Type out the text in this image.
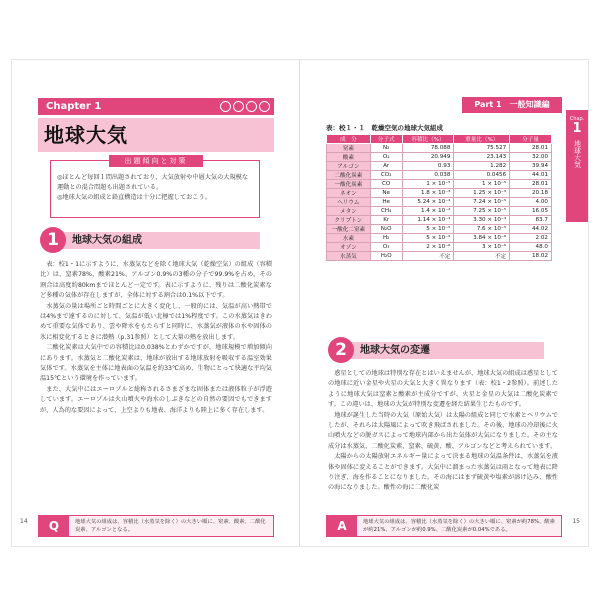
Chapter 1
地球大気
出題傾向と対策
◎ほとんど毎回１問出題されており、大気放射や中層大気の大規模な運動との混合問題も出題されている。
◎地球大気の組成と鉛直構造は十分に把握しておこう。
1	地球大気の組成

表：校1・1に示すように、水蒸気などを除く地球大気（乾燥空気）の組成（容積比）は、窒素78%、酸素21%、アルゴン0.9%の3種の分子で99.9%を占め、その割合は高度約80kmまでほとんど一定です。表に示すように、残りは二酸化炭素など多種の気体が存在しますが、全体に対する割合は0.1%以下です。

水蒸気の量は場所ごと時間ごとに大きく変化し、一般的には、気温が高い熱帯では4%まで達するのに対して、気温が低い北極では1%程度です。この水蒸気はきわめて重要な気体であり、雲や降水をもたらすと同時に、水蒸気が液体の水や固体の氷に相変化するときに潜熱（p.31参照）として大量の熱を放出します。

二酸化炭素は大気中での容積比は0.038%とわずかですが、地球規模で増加傾向にあります。水蒸気と二酸化炭素は、地球が放出する地球放射を吸収する温室効果気体です。水蒸気を主体に地表面の気温を約33℃高め、生物にとって快適な平均気温15℃という環境を作っています。

また、大気中にはエーロゾルと総称されるさまざまな固体または液体粒子が浮遊しています。エーロゾルは火山噴火や海水のしぶきなどの自然の要因でもできますが、人為的な要因によって、上空よりも地表、海洋よりも陸上に多く存在します。

14	Q	地球大気の組成は、容積比（水蒸気を除く）の大きい順に、窒素、酸素、二酸化炭素、アルゴンとなる。
Part 1　一般知識編
Chap.
1
地球大気
表：校１・１　乾燥空気の地球大気組成
成　分	分子式	容積比（%）	重量比（%）	分子量
窒素	N₂	78.088	75.527	28.01
酸素	O₂	20.949	23.143	32.00
アルゴン	Ar	0.93	1.282	39.94
二酸化炭素	CO₂	0.038	0.0456	44.01
一酸化炭素	CO	1 × 10⁻⁵	1 × 10⁻⁵	28.01
ネオン	Ne	1.8 × 10⁻³	1.25 × 10⁻³	20.18
ヘリウム	He	5.24 × 10⁻⁴	7.24 × 10⁻⁵	4.00
メタン	CH₄	1.4 × 10⁻⁴	7.25 × 10⁻⁵	16.05
クリプトン	Kr	1.14 × 10⁻⁴	3.30 × 10⁻⁴	83.7
一酸化二窒素	N₂O	5 × 10⁻⁵	7.6 × 10⁻⁵	44.02
水素	H₂	5 × 10⁻⁵	3.84 × 10⁻⁶	2.02
オゾン	O₃	2 × 10⁻⁶	3 × 10⁻⁶	48.0
水蒸気	H₂O	不定	不定	18.02
2	地球大気の変遷

惑星としての地球は特別な存在とはいえませんが、地球大気の組成は惑星としての地球に近い金星や火星の大気と大きく異なります（表：校1・2参照）。前述したように地球大気は窒素と酸素が主成分ですが、火星と金星の大気は二酸化炭素です。この違いは、地球の大気が特別な変遷を経た結果生じたものです。

地球が誕生した当時の大気（原始大気）は太陽の組成と同じで水素とヘリウムでしたが、それらは太陽風によって吹き飛ばされました。その後、地球の冷却後に火山噴火などの脱ガスによって地球内部から出た気体が大気になりました。その主な成分は水蒸気、二酸化炭素、窒素、硫黄、酸、アルゴンなどと考えられています。

太陽からの太陽放射エネルギー量によって決まる地球の気温条件は、水蒸気を液体や固体に変えることができます。大気中に溜まった水蒸気は雨となって地表に降り注ぎ、海を作ることになりました。その海にはまず硫黄や塩素が溶け込み、酸性の海になりました。酸性の海に二酸化炭

15
A	地球大気の組成は、容積比（水蒸気を除く）の大きい順に、窒素が約78%、酸素が約21%、アルゴンが約0.9%、二酸化炭素が0.04%である。
